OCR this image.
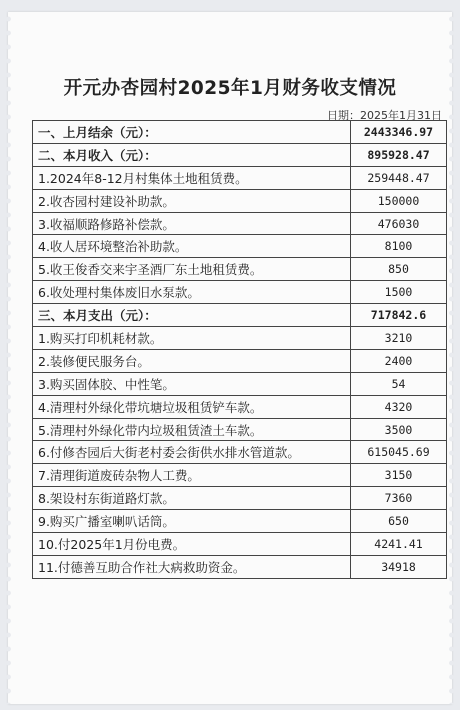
开元办杏园村2025年1月财务收支情况
日期：2025年1月31日
一、上月结余（元）：	2443346.97
二、本月收入（元）：	895928.47
1.2024年8-12月村集体土地租赁费。	259448.47
2.收杏园村建设补助款。	150000
3.收福顺路修路补偿款。	476030
4.收人居环境整治补助款。	8100
5.收王俊香交来宇圣酒厂东土地租赁费。	850
6.收处理村集体废旧水泵款。	1500
三、本月支出（元）：	717842.6
1.购买打印机耗材款。	3210
2.装修便民服务台。	2400
3.购买固体胶、中性笔。	54
4.清理村外绿化带坑塘垃圾租赁铲车款。	4320
5.清理村外绿化带内垃圾租赁渣土车款。	3500
6.付修杏园后大街老村委会街供水排水管道款。	615045.69
7.清理街道废砖杂物人工费。	3150
8.架设村东街道路灯款。	7360
9.购买广播室喇叭话筒。	650
10.付2025年1月份电费。	4241.41
11.付德善互助合作社大病救助资金。	34918
